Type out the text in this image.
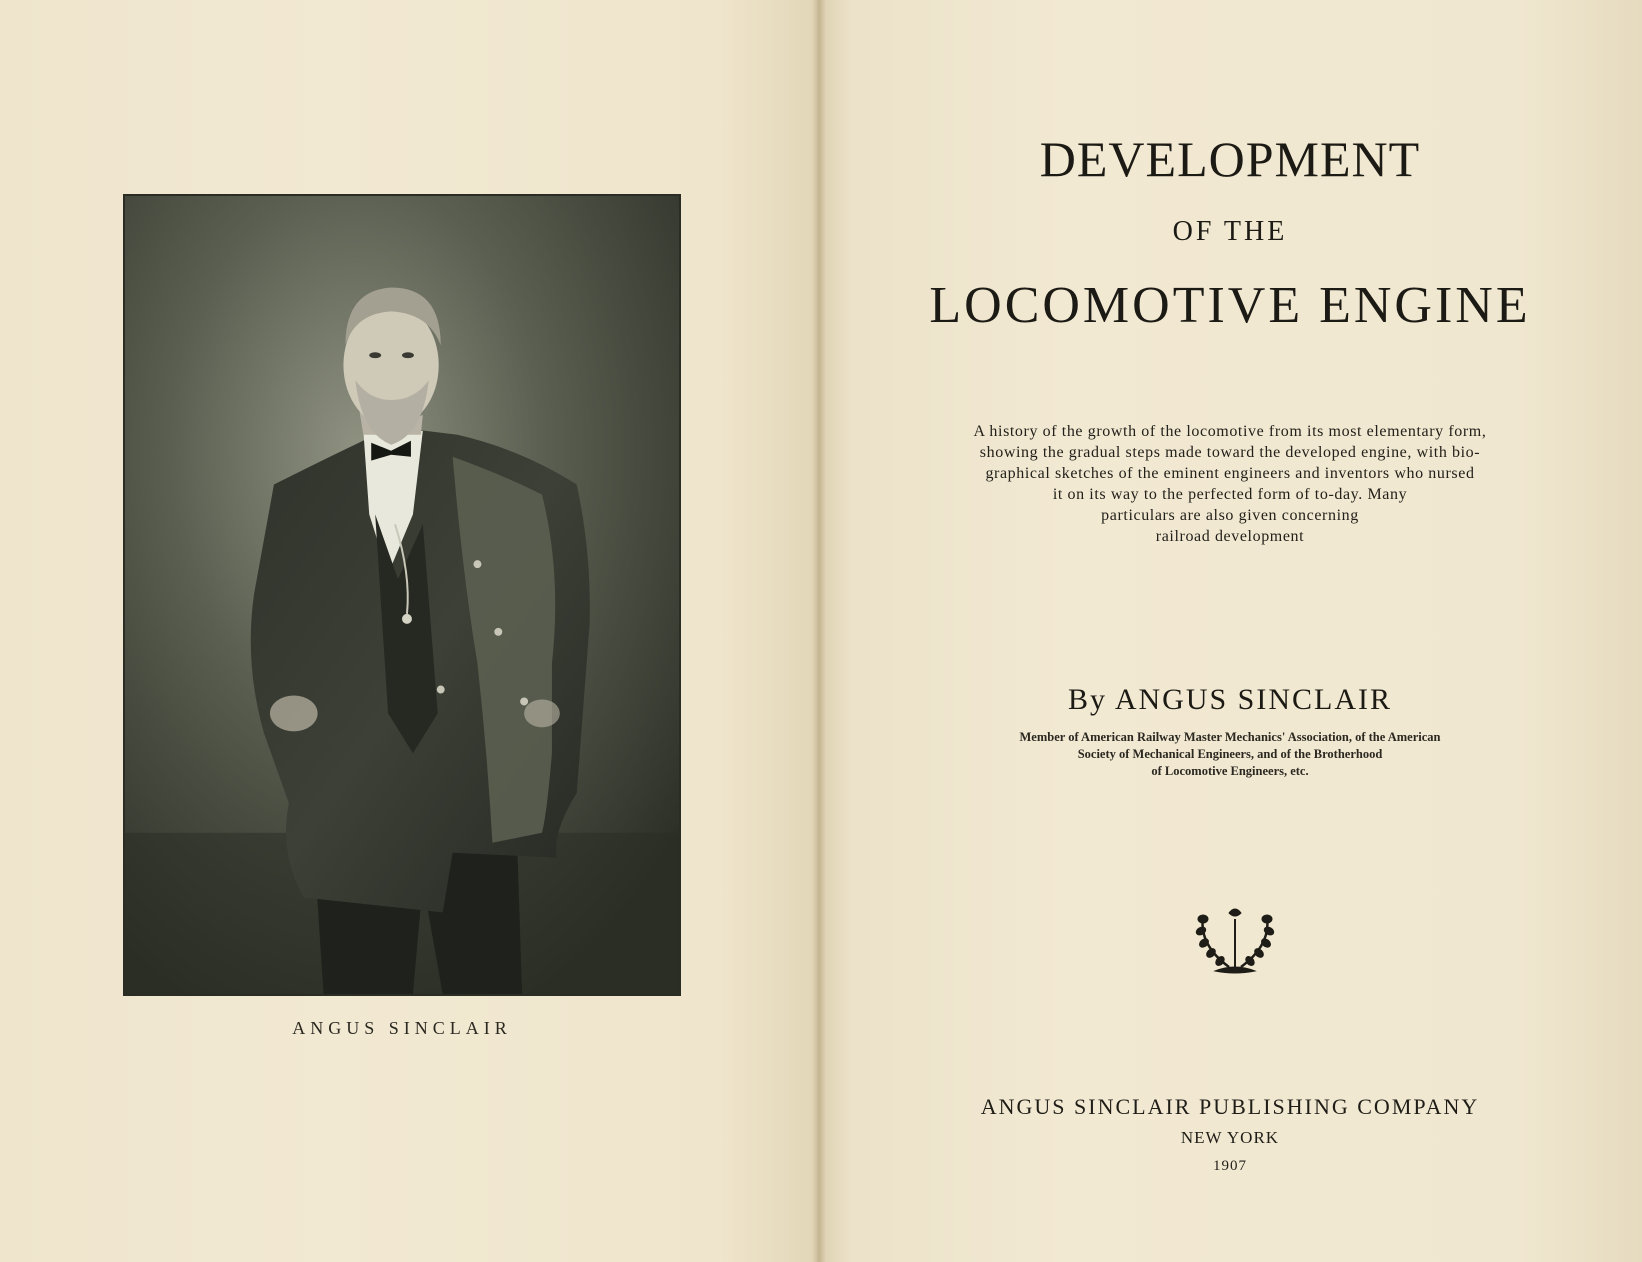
ANGUS SINCLAIR
DEVELOPMENT
OF THE
LOCOMOTIVE ENGINE

A history of the growth of the locomotive from its most elementary form,
showing the gradual steps made toward the developed engine, with bio-
graphical sketches of the eminent engineers and inventors who nursed
it on its way to the perfected form of to-day. Many
particulars are also given concerning
railroad development

By ANGUS SINCLAIR

Member of American Railway Master Mechanics' Association, of the American
Society of Mechanical Engineers, and of the Brotherhood
of Locomotive Engineers, etc.

ANGUS SINCLAIR PUBLISHING COMPANY
NEW YORK
1907
